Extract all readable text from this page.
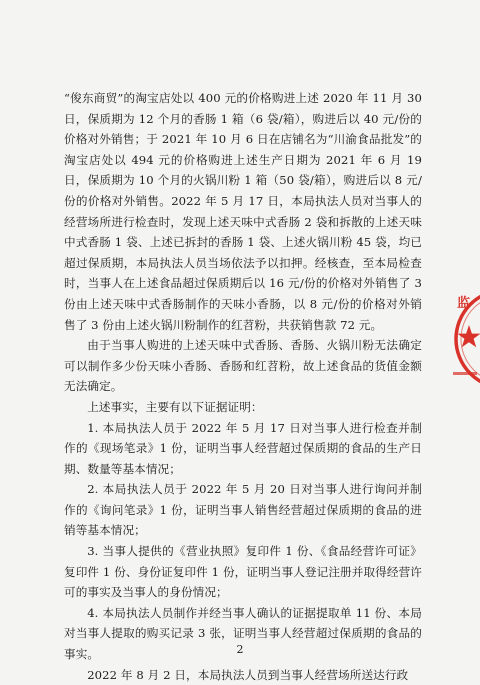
“俊东商贸”的淘宝店处以 400 元的价格购进上述 2020 年 11 月 30 日，保质期为 12 个月的香肠 1 箱（6 袋/箱），购进后以 40 元/份的价格对外销售；于 2021 年 10 月 6 日在店铺名为“川渝食品批发”的淘宝店处以 494 元的价格购进上述生产日期为 2021 年 6 月 19 日，保质期为 10 个月的火锅川粉 1 箱（50 袋/箱），购进后以 8 元/份的价格对外销售。2022 年 5 月 17 日，本局执法人员对当事人的经营场所进行检查时，发现上述天味中式香肠 2 袋和拆散的上述天味中式香肠 1 袋、上述已拆封的香肠 1 袋、上述火锅川粉 45 袋，均已超过保质期，本局执法人员当场依法予以扣押。经核查，至本局检查时，当事人在上述食品超过保质期后以 16 元/份的价格对外销售了 3 份由上述天味中式香肠制作的天味小香肠，以 8 元/份的价格对外销售了 3 份由上述火锅川粉制作的红苕粉，共获销售款 72 元。

由于当事人购进的上述天味中式香肠、香肠、火锅川粉无法确定可以制作多少份天味小香肠、香肠和红苕粉，故上述食品的货值金额无法确定。

上述事实，主要有以下证据证明：

1. 本局执法人员于 2022 年 5 月 17 日对当事人进行检查并制作的《现场笔录》1 份，证明当事人经营超过保质期的食品的生产日期、数量等基本情况；

2. 本局执法人员于 2022 年 5 月 20 日对当事人进行询问并制作的《询问笔录》1 份，证明当事人销售经营超过保质期的食品的进销等基本情况；

3. 当事人提供的《营业执照》复印件 1 份、《食品经营许可证》复印件 1 份、身份证复印件 1 份，证明当事人登记注册并取得经营许可的事实及当事人的身份情况；

4. 本局执法人员制作并经当事人确认的证据提取单 11 份、本局对当事人提取的购买记录 3 张，证明当事人经营超过保质期的食品的事实。

2022 年 8 月 2 日，本局执法人员到当事人经营场所送达行政

2
监
